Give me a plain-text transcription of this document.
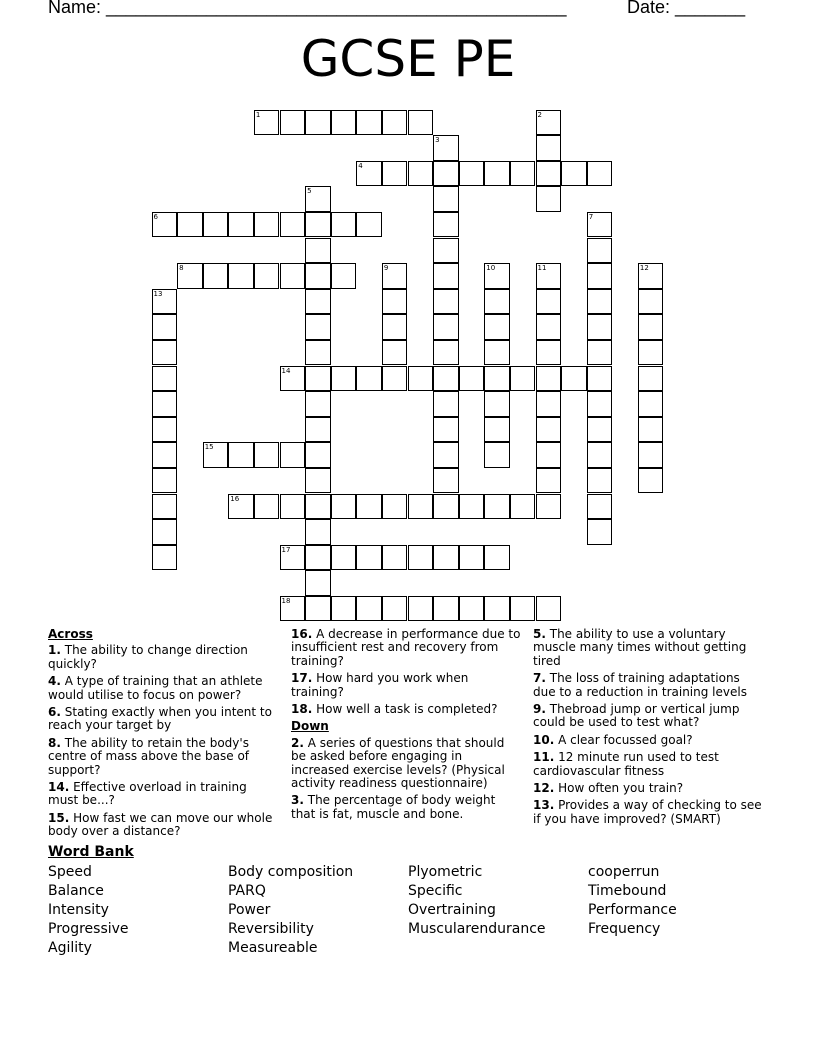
Name: ______________________________________________	Date: _______
GCSE PE
1	2
3
4
5
6	7
8	9	10	11	12
13
14
15
16
17
18
Across
1. The ability to change direction quickly?
4. A type of training that an athlete would utilise to focus on power?
6. Stating exactly when you intent to reach your target by
8. The ability to retain the body's centre of mass above the base of support?
14. Effective overload in training must be...?
15. How fast we can move our whole body over a distance?
16. A decrease in performance due to insufficient rest and recovery from training?
17. How hard you work when training?
18. How well a task is completed?
Down
2. A series of questions that should be asked before engaging in increased exercise levels? (Physical activity readiness questionnaire)
3. The percentage of body weight that is fat, muscle and bone.
5. The ability to use a voluntary muscle many times without getting tired
7. The loss of training adaptations due to a reduction in training levels
9. Thebroad jump or vertical jump could be used to test what?
10. A clear focussed goal?
11. 12 minute run used to test cardiovascular fitness
12. How often you train?
13. Provides a way of checking to see if you have improved? (SMART)
Word Bank
Speed
Balance
Intensity
Progressive
Agility
Body composition
PARQ
Power
Reversibility
Measureable
Plyometric
Specific
Overtraining
Muscularendurance
cooperrun
Timebound
Performance
Frequency
